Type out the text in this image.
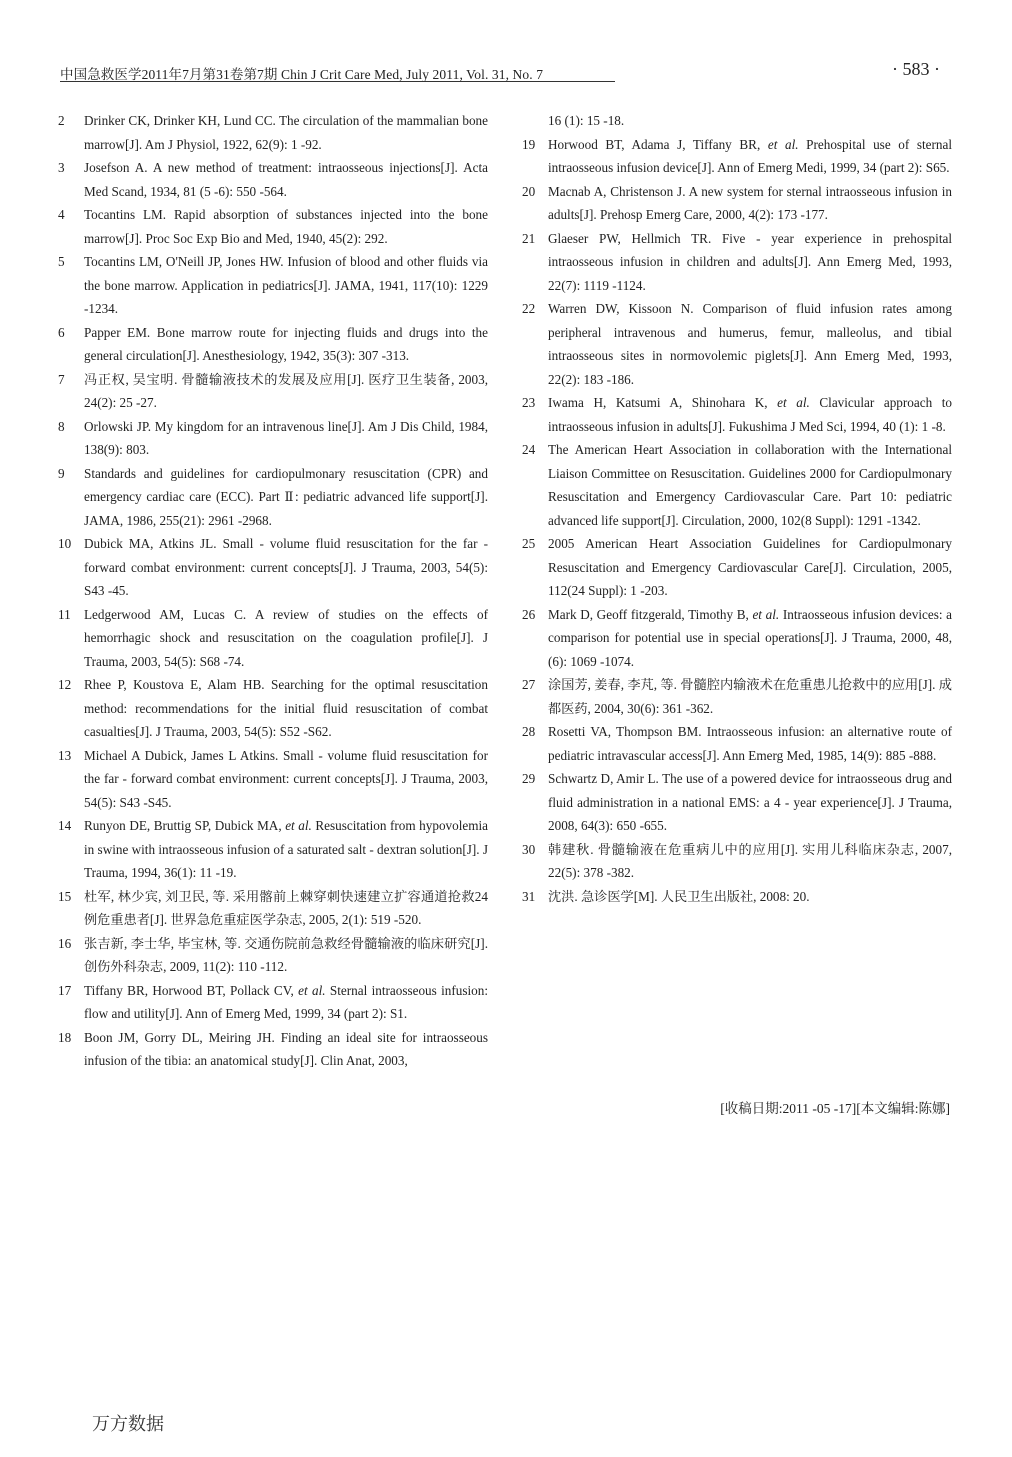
中国急救医学2011年7月第31卷第7期 Chin J Crit Care Med, July 2011, Vol. 31, No. 7	· 583 ·
2	Drinker CK, Drinker KH, Lund CC. The circulation of the mammalian bone marrow[J]. Am J Physiol, 1922, 62(9): 1 -92.
3	Josefson A. A new method of treatment: intraosseous injections[J]. Acta Med Scand, 1934, 81 (5 -6): 550 -564.
4	Tocantins LM. Rapid absorption of substances injected into the bone marrow[J]. Proc Soc Exp Bio and Med, 1940, 45(2): 292.
5	Tocantins LM, O'Neill JP, Jones HW. Infusion of blood and other fluids via the bone marrow. Application in pediatrics[J]. JAMA, 1941, 117(10): 1229 -1234.
6	Papper EM. Bone marrow route for injecting fluids and drugs into the general circulation[J]. Anesthesiology, 1942, 35(3): 307 -313.
7	冯正权, 吴宝明. 骨髓输液技术的发展及应用[J]. 医疗卫生装备, 2003, 24(2): 25 -27.
8	Orlowski JP. My kingdom for an intravenous line[J]. Am J Dis Child, 1984, 138(9): 803.
9	Standards and guidelines for cardiopulmonary resuscitation (CPR) and emergency cardiac care (ECC). Part Ⅱ: pediatric advanced life support[J]. JAMA, 1986, 255(21): 2961 -2968.
10 Dubick MA, Atkins JL. Small - volume fluid resuscitation for the far - forward combat environment: current concepts[J]. J Trauma, 2003, 54(5): S43 -45.
11	Ledgerwood AM, Lucas C. A review of studies on the effects of hemorrhagic shock and resuscitation on the coagulation profile[J]. J Trauma, 2003, 54(5): S68 -74.
12 Rhee P, Koustova E, Alam HB. Searching for the optimal resuscitation method: recommendations for the initial fluid resuscitation of combat casualties[J]. J Trauma, 2003, 54(5): S52 -S62.
13 Michael A Dubick, James L Atkins. Small - volume fluid resuscitation for the far - forward combat environment: current concepts[J]. J Trauma, 2003, 54(5): S43 -S45.
14 Runyon DE, Bruttig SP, Dubick MA, et al. Resuscitation from hypovolemia in swine with intraosseous infusion of a saturated salt - dextran solution[J]. J Trauma, 1994, 36(1): 11 -19.
15 杜军, 林少宾, 刘卫民, 等. 采用髂前上棘穿刺快速建立扩容通道抢救24例危重患者[J]. 世界急危重症医学杂志, 2005, 2(1): 519 -520.
16 张吉新, 李士华, 毕宝林, 等. 交通伤院前急救经骨髓输液的临床研究[J]. 创伤外科杂志, 2009, 11(2): 110 -112.
17 Tiffany BR, Horwood BT, Pollack CV, et al. Sternal intraosseous infusion: flow and utility[J]. Ann of Emerg Med, 1999, 34 (part 2): S1.
18 Boon JM, Gorry DL, Meiring JH. Finding an ideal site for intraosseous infusion of the tibia: an anatomical study[J]. Clin Anat, 2003,
16 (1): 15 -18.
19 Horwood BT, Adama J, Tiffany BR, et al. Prehospital use of sternal intraosseous infusion device[J]. Ann of Emerg Medi, 1999, 34 (part 2): S65.
20 Macnab A, Christenson J. A new system for sternal intraosseous infusion in adults[J]. Prehosp Emerg Care, 2000, 4(2): 173 -177.
21 Glaeser PW, Hellmich TR. Five - year experience in prehospital intraosseous infusion in children and adults[J]. Ann Emerg Med, 1993, 22(7): 1119 -1124.
22 Warren DW, Kissoon N. Comparison of fluid infusion rates among peripheral intravenous and humerus, femur, malleolus, and tibial intraosseous sites in normovolemic piglets[J]. Ann Emerg Med, 1993, 22(2): 183 -186.
23 Iwama H, Katsumi A, Shinohara K, et al. Clavicular approach to intraosseous infusion in adults[J]. Fukushima J Med Sci, 1994, 40 (1): 1 -8.
24 The American Heart Association in collaboration with the International Liaison Committee on Resuscitation. Guidelines 2000 for Cardiopulmonary Resuscitation and Emergency Cardiovascular Care. Part 10: pediatric advanced life support[J]. Circulation, 2000, 102(8 Suppl): 1291 -1342.
25 2005 American Heart Association Guidelines for Cardiopulmonary Resuscitation and Emergency Cardiovascular Care[J]. Circulation, 2005, 112(24 Suppl): 1 -203.
26 Mark D, Geoff fitzgerald, Timothy B, et al. Intraosseous infusion devices: a comparison for potential use in special operations[J]. J Trauma, 2000, 48, (6): 1069 -1074.
27 涂国芳, 姜春, 李芃, 等. 骨髓腔内输液术在危重患儿抢救中的应用[J]. 成都医药, 2004, 30(6): 361 -362.
28 Rosetti VA, Thompson BM. Intraosseous infusion: an alternative route of pediatric intravascular access[J]. Ann Emerg Med, 1985, 14(9): 885 -888.
29 Schwartz D, Amir L. The use of a powered device for intraosseous drug and fluid administration in a national EMS: a 4 - year experience[J]. J Trauma, 2008, 64(3): 650 -655.
30 韩建秋. 骨髓输液在危重病儿中的应用[J]. 实用儿科临床杂志, 2007, 22(5): 378 -382.
31 沈洪. 急诊医学[M]. 人民卫生出版社, 2008: 20.
[收稿日期:2011 -05 -17][本文编辑:陈娜]
万方数据
